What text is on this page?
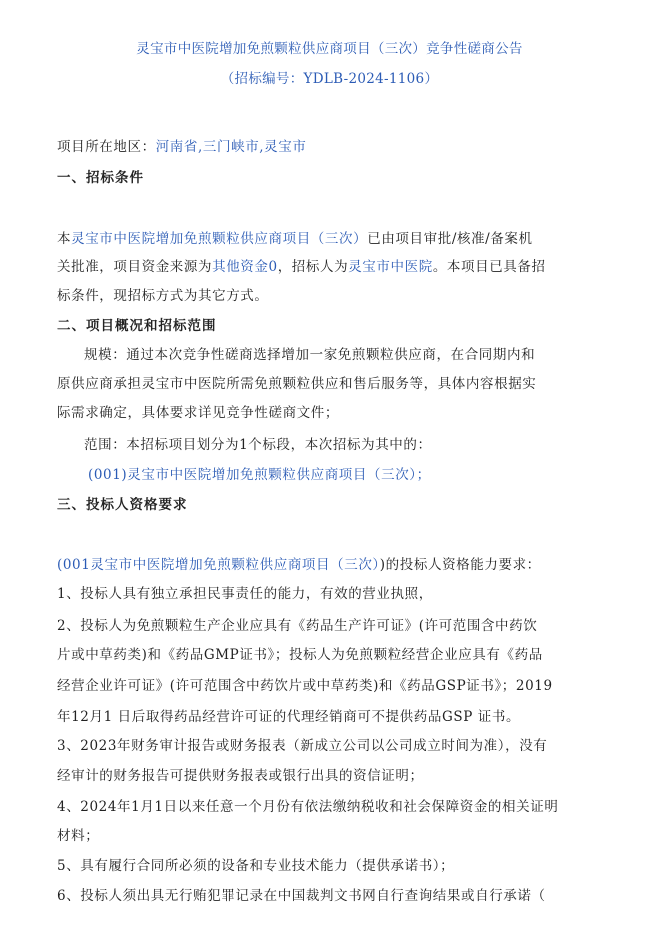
灵宝市中医院增加免煎颗粒供应商项目（三次）竞争性磋商公告
（招标编号：YDLB-2024-1106）
项目所在地区：河南省,三门峡市,灵宝市
一、招标条件
本灵宝市中医院增加免煎颗粒供应商项目（三次）已由项目审批/核准/备案机
关批准，项目资金来源为其他资金0，招标人为灵宝市中医院。本项目已具备招
标条件，现招标方式为其它方式。
二、项目概况和招标范围
规模：通过本次竞争性磋商选择增加一家免煎颗粒供应商，在合同期内和
原供应商承担灵宝市中医院所需免煎颗粒供应和售后服务等，具体内容根据实
际需求确定，具体要求详见竞争性磋商文件；
范围：本招标项目划分为1个标段，本次招标为其中的：
(001)灵宝市中医院增加免煎颗粒供应商项目（三次）；
三、投标人资格要求
(001灵宝市中医院增加免煎颗粒供应商项目（三次）)的投标人资格能力要求：
1、投标人具有独立承担民事责任的能力，有效的营业执照，
2、投标人为免煎颗粒生产企业应具有《药品生产许可证》(许可范围含中药饮
片或中草药类)和《药品GMP证书》；投标人为免煎颗粒经营企业应具有《药品
经营企业许可证》(许可范围含中药饮片或中草药类)和《药品GSP证书》；2019
年12月1 日后取得药品经营许可证的代理经销商可不提供药品GSP 证书。
3、2023年财务审计报告或财务报表（新成立公司以公司成立时间为准），没有
经审计的财务报告可提供财务报表或银行出具的资信证明；
4、2024年1月1日以来任意一个月份有依法缴纳税收和社会保障资金的相关证明
材料；
5、具有履行合同所必须的设备和专业技术能力（提供承诺书）；
6、投标人须出具无行贿犯罪记录在中国裁判文书网自行查询结果或自行承诺（
